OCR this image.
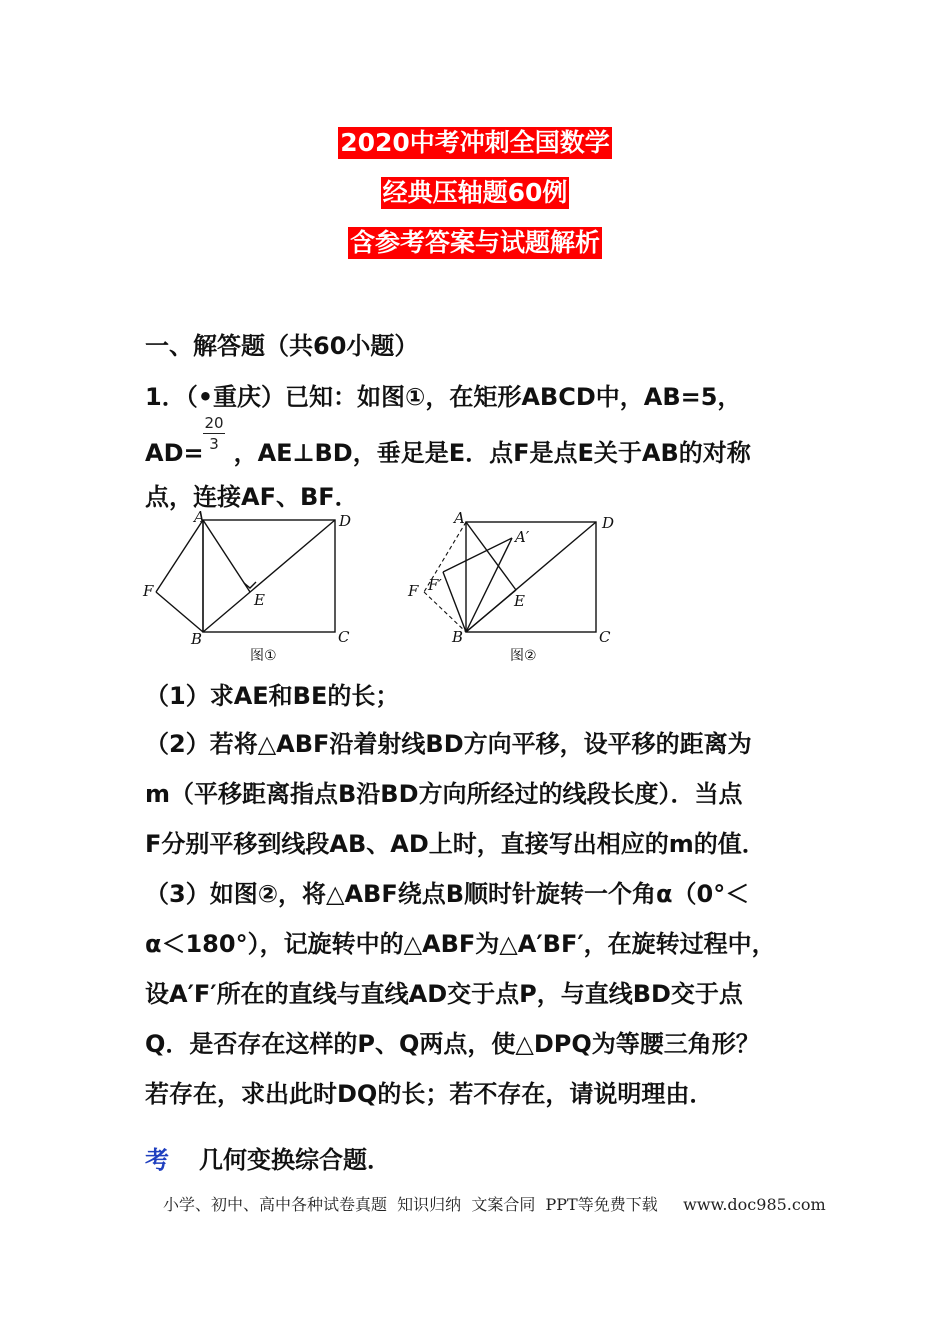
2020中考冲刺全国数学
经典压轴题60例
含参考答案与试题解析
一、解答题（共60小题）
1．（•重庆）已知：如图①，在矩形ABCD中，AB=5，
AD= ，AE⊥BD，垂足是E．点F是点E关于AB的对称
20
3
点，连接AF、BF．
A	D
F	E
B	C
图①
A
A′
D
F F′
E
B	C
图②
（1）求AE和BE的长；
（2）若将△ABF沿着射线BD方向平移，设平移的距离为
m（平移距离指点B沿BD方向所经过的线段长度）．当点
F分别平移到线段AB、AD上时，直接写出相应的m的值．
（3）如图②，将△ABF绕点B顺时针旋转一个角α（0°＜
α＜180°），记旋转中的△ABF为△A′BF′，在旋转过程中，
设A′F′所在的直线与直线AD交于点P，与直线BD交于点
Q．是否存在这样的P、Q两点，使△DPQ为等腰三角形？
若存在，求出此时DQ的长；若不存在，请说明理由．
考 几何变换综合题．
小学、初中、高中各种试卷真题  知识归纳  文案合同  PPT等免费下载     www.doc985.com
